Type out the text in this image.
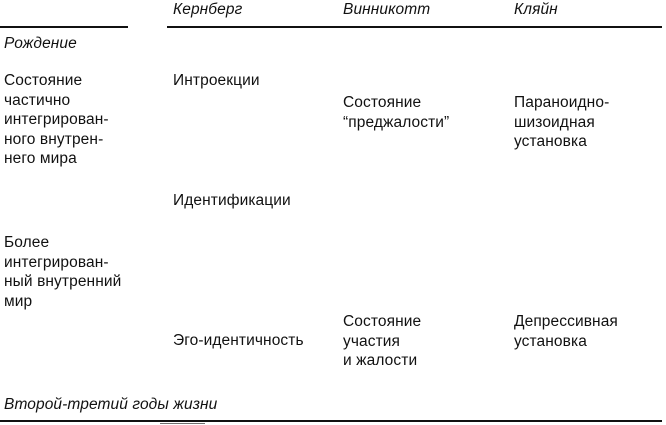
Кернберг	Винникотт	Кляйн
Рождение
Состояние
частично
интегрирован-
ного внутрен-
него мира
Более
интегрирован-
ный внутренний
мир
Интроекции
Идентификации
Эго-идентичность
Состояние
“преджалости”
Состояние
участия
и жалости
Параноидно-
шизоидная
установка
Депрессивная
установка
Второй-третий годы жизни
